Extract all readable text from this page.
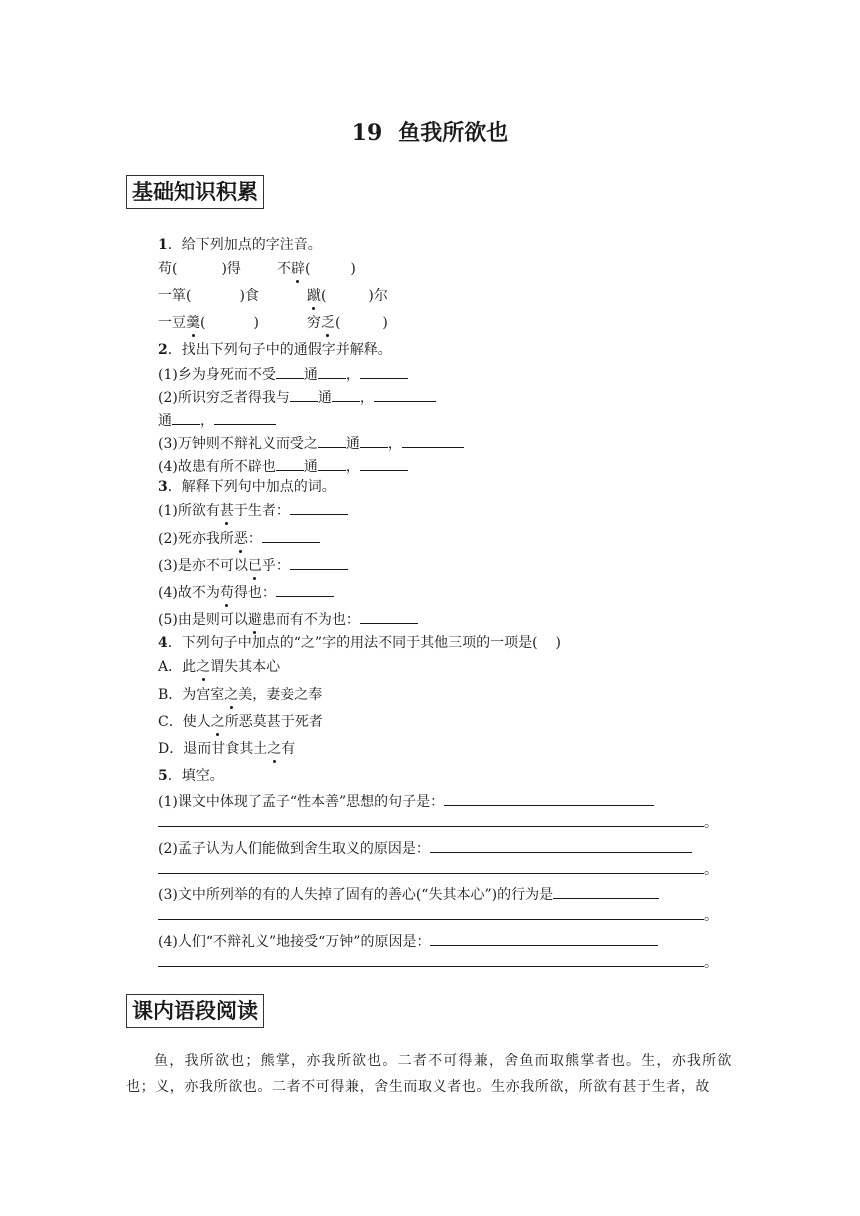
19 鱼我所欲也
基础知识积累
1．给下列加点的字注音。
苟(	)得	不辟(	)
一箪(	)食	蹴(	)尔
一豆羹(	)	穷乏(	)
2．找出下列句子中的通假字并解释。
(1)乡为身死而不受 通 ，
(2)所识穷乏者得我与 通 ，
通 ，
(3)万钟则不辩礼义而受之 通 ，
(4)故患有所不辟也 通 ，
3．解释下列句中加点的词。
(1)所欲有甚于生者：
(2)死亦我所恶：
(3)是亦不可以已乎：
(4)故不为苟得也：
(5)由是则可以避患而有不为也：
4．下列句子中加点的“之”字的用法不同于其他三项的一项是( )
A．此之谓失其本心
B．为宫室之美，妻妾之奉
C．使人之所恶莫甚于死者
D．退而甘食其土之有
5．填空。
(1)课文中体现了孟子“性本善”思想的句子是：
。
(2)孟子认为人们能做到舍生取义的原因是：
。
(3)文中所列举的有的人失掉了固有的善心(“失其本心”)的行为是
。
(4)人们“不辩礼义”地接受“万钟”的原因是：
。
课内语段阅读
鱼，我所欲也；熊掌，亦我所欲也。二者不可得兼，舍鱼而取熊掌者也。生，亦我所欲也；义，亦我所欲也。二者不可得兼，舍生而取义者也。生亦我所欲，所欲有甚于生者，故
